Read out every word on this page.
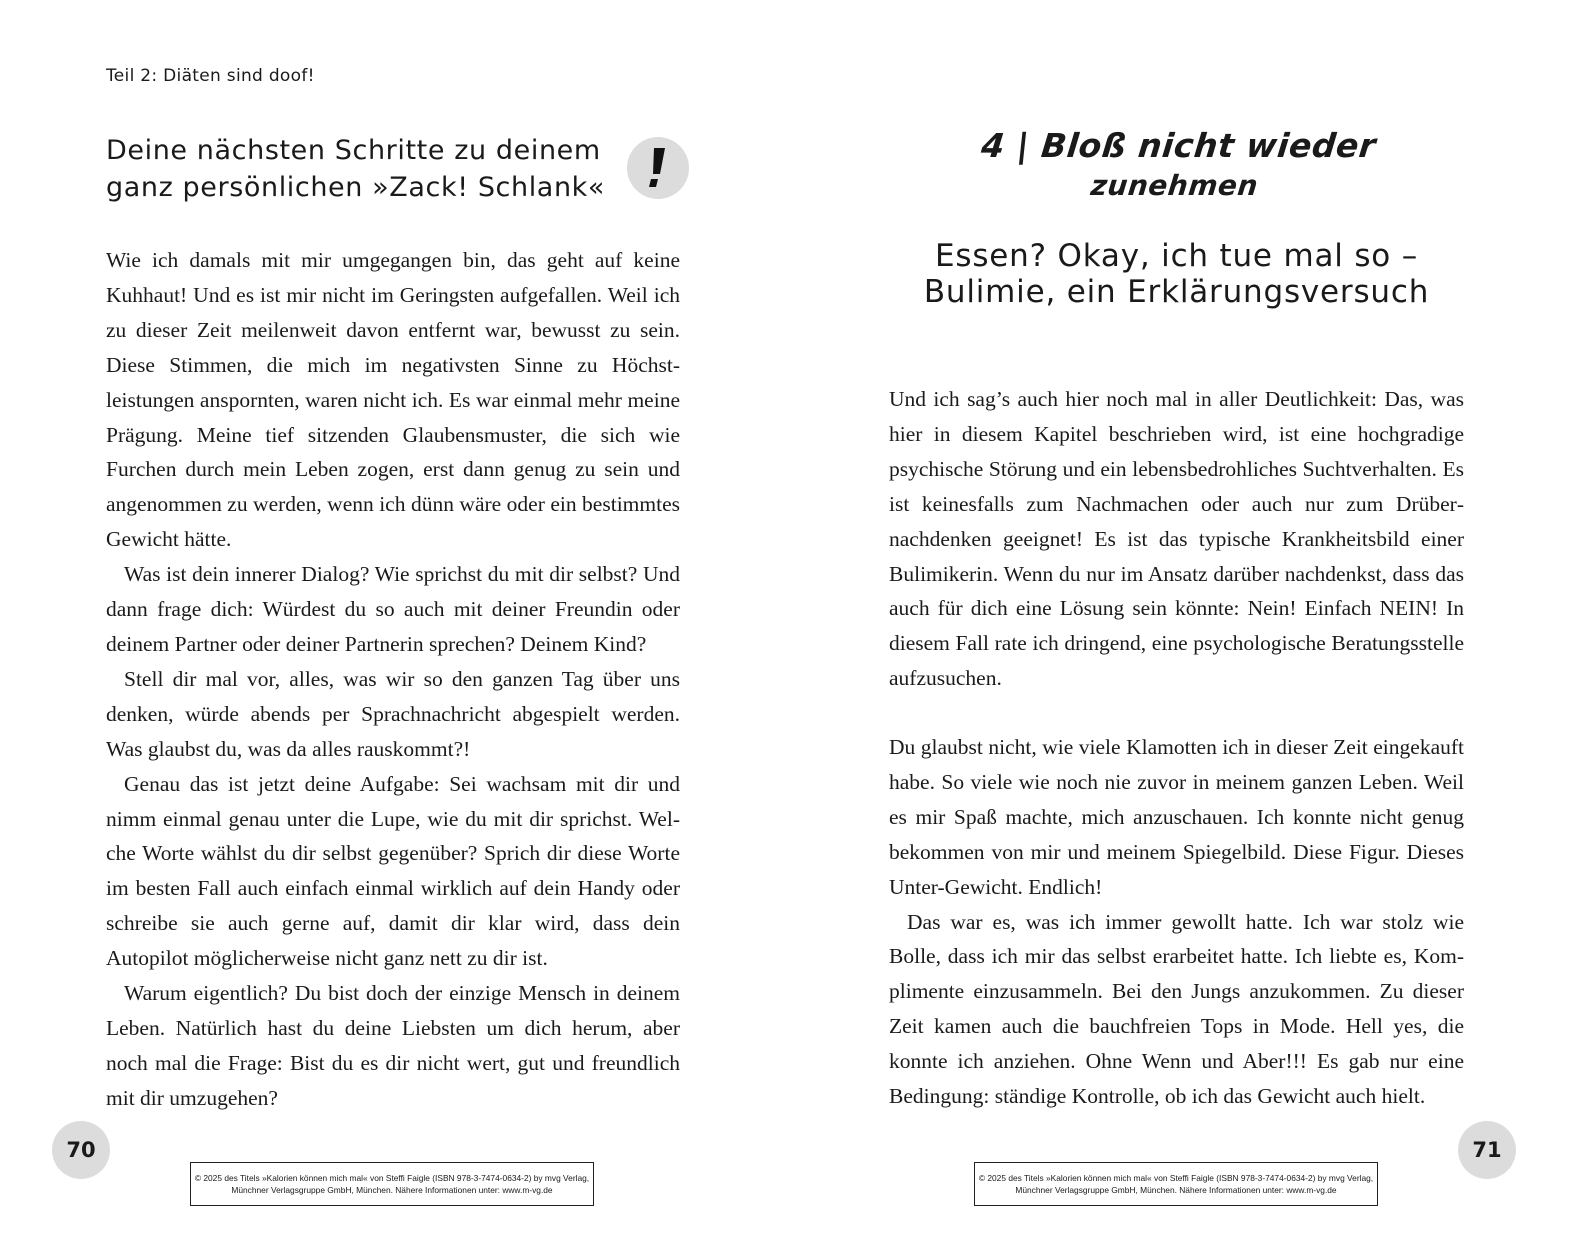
Teil 2: Diäten sind doof!
Deine nächsten Schritte zu deinem
ganz persönlichen »Zack! Schlank«

Wie ich damals mit mir umgegangen bin, das geht auf keine Kuhhaut! Und es ist mir nicht im Geringsten aufgefallen. Weil ich zu dieser Zeit meilenweit davon entfernt war, bewusst zu sein. Diese Stimmen, die mich im negativsten Sinne zu Höchstleistungen anspornten, waren nicht ich. Es war einmal mehr meine Prägung. Meine tief sitzenden Glaubensmuster, die sich wie Furchen durch mein Leben zogen, erst dann genug zu sein und angenommen zu werden, wenn ich dünn wäre oder ein bestimmtes Gewicht hätte.

Was ist dein innerer Dialog? Wie sprichst du mit dir selbst? Und dann frage dich: Würdest du so auch mit deiner Freundin oder deinem Partner oder deiner Partnerin sprechen? Deinem Kind?

Stell dir mal vor, alles, was wir so den ganzen Tag über uns denken, würde abends per Sprachnachricht abgespielt werden. Was glaubst du, was da alles rauskommt?!

Genau das ist jetzt deine Aufgabe: Sei wachsam mit dir und nimm einmal genau unter die Lupe, wie du mit dir sprichst. Welche Worte wählst du dir selbst gegenüber? Sprich dir diese Worte im besten Fall auch einfach einmal wirklich auf dein Handy oder schreibe sie auch gerne auf, damit dir klar wird, dass dein Autopilot möglicherweise nicht ganz nett zu dir ist.

Warum eigentlich? Du bist doch der einzige Mensch in deinem Leben. Natürlich hast du deine Liebsten um dich herum, aber noch mal die Frage: Bist du es dir nicht wert, gut und freundlich mit dir umzugehen?

70
© 2025 des Titels »Kalorien können mich mal« von Steffi Faigle (ISBN 978-3-7474-0634-2) by mvg Verlag,
Münchner Verlagsgruppe GmbH, München. Nähere Informationen unter: www.m-vg.de
4 | Bloß nicht wieder
zunehmen
Essen? Okay, ich tue mal so –
Bulimie, ein Erklärungsversuch

Und ich sag’s auch hier noch mal in aller Deutlichkeit: Das, was hier in diesem Kapitel beschrieben wird, ist eine hochgradige psychische Störung und ein lebensbedrohliches Suchtverhalten. Es ist keinesfalls zum Nachmachen oder auch nur zum Drübernachdenken geeignet! Es ist das typische Krankheitsbild einer Bulimikerin. Wenn du nur im Ansatz darüber nachdenkst, dass das auch für dich eine Lösung sein könnte: Nein! Einfach NEIN! In diesem Fall rate ich dringend, eine psychologische Beratungsstelle aufzusuchen.

Du glaubst nicht, wie viele Klamotten ich in dieser Zeit eingekauft habe. So viele wie noch nie zuvor in meinem ganzen Leben. Weil es mir Spaß machte, mich anzuschauen. Ich konnte nicht genug bekommen von mir und meinem Spiegelbild. Diese Figur. Dieses Unter-Gewicht. Endlich!

Das war es, was ich immer gewollt hatte. Ich war stolz wie Bolle, dass ich mir das selbst erarbeitet hatte. Ich liebte es, Komplimente einzusammeln. Bei den Jungs anzukommen. Zu dieser Zeit kamen auch die bauchfreien Tops in Mode. Hell yes, die konnte ich anziehen. Ohne Wenn und Aber!!! Es gab nur eine Bedingung: ständige Kontrolle, ob ich das Gewicht auch hielt.

71
© 2025 des Titels »Kalorien können mich mal« von Steffi Faigle (ISBN 978-3-7474-0634-2) by mvg Verlag,
Münchner Verlagsgruppe GmbH, München. Nähere Informationen unter: www.m-vg.de
